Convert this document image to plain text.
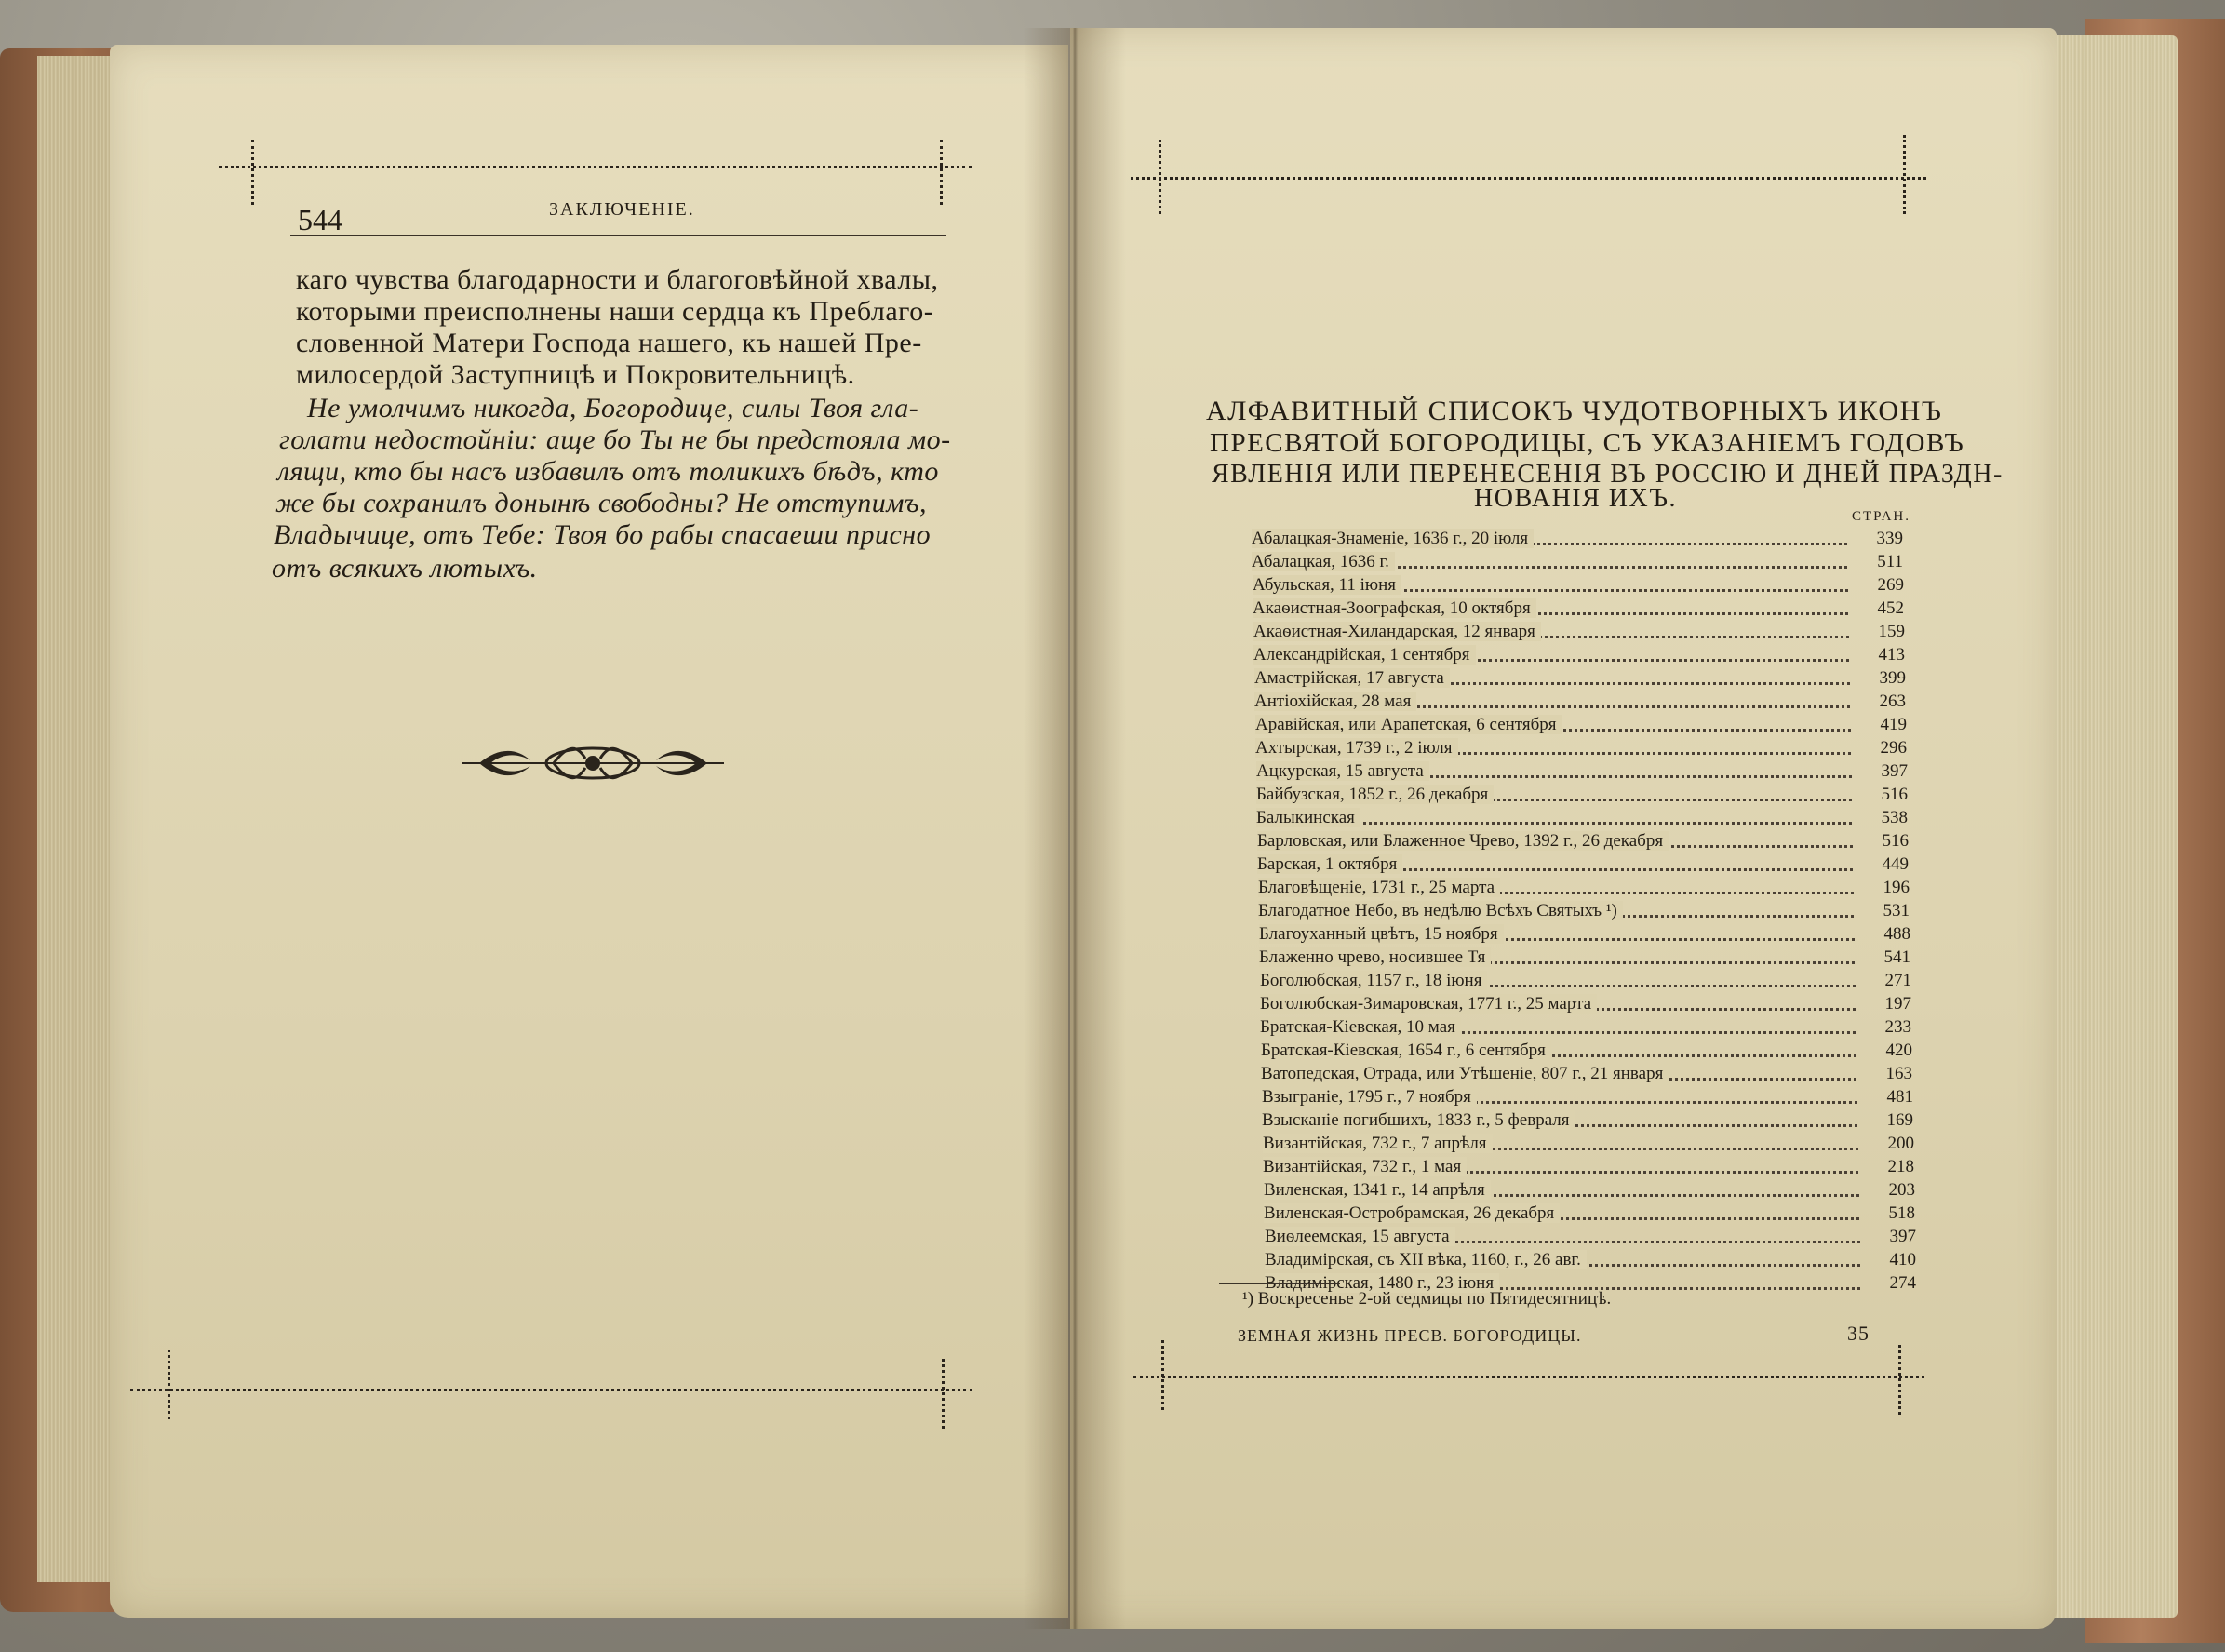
544	ЗАКЛЮЧЕНІЕ.
каго чувства благодарности и благоговѣйной хвалы,
которыми преисполнены наши сердца къ Преблаго-
словенной Матери Господа нашего, къ нашей Пре-
милосердой Заступницѣ и Покровительницѣ.
Не умолчимъ никогда, Богородице, силы Твоя гла-
голати недостойніи: аще бо Ты не бы предстояла мо-
лящи, кто бы насъ избавилъ отъ толикихъ бѣдъ, кто
же бы сохранилъ донынѣ свободны? Не отступимъ,
Владычице, отъ Тебе: Твоя бо рабы спасаеши присно
отъ всякихъ лютыхъ.
АЛФАВИТНЫЙ СПИСОКЪ ЧУДОТВОРНЫХЪ ИКОНЪ
ПРЕСВЯТОЙ БОГОРОДИЦЫ, СЪ УКАЗАНІЕМЪ ГОДОВЪ
ЯВЛЕНІЯ ИЛИ ПЕРЕНЕСЕНІЯ ВЪ РОССІЮ И ДНЕЙ ПРАЗДН-
НОВАНІЯ ИХЪ.
СТРАН.
Абалацкая-Знаменіе, 1636 г., 20 іюля	339
Абалацкая, 1636 г.	511
Абульская, 11 іюня	269
Акаѳистная-Зоографская, 10 октября	452
Акаѳистная-Хиландарская, 12 января	159
Александрійская, 1 сентября	413
Амастрійская, 17 августа	399
Антіохійская, 28 мая	263
Аравійская, или Арапетская, 6 сентября	419
Ахтырская, 1739 г., 2 іюля	296
Ацкурская, 15 августа	397
Байбузская, 1852 г., 26 декабря	516
Балыкинская	538
Барловская, или Блаженное Чрево, 1392 г., 26 декабря	516
Барская, 1 октября	449
Благовѣщеніе, 1731 г., 25 марта	196
Благодатное Небо, въ недѣлю Всѣхъ Святыхъ ¹)	531
Благоуханный цвѣтъ, 15 ноября	488
Блаженно чрево, носившее Тя	541
Боголюбская, 1157 г., 18 іюня	271
Боголюбская-Зимаровская, 1771 г., 25 марта	197
Братская-Кіевская, 10 мая	233
Братская-Кіевская, 1654 г., 6 сентября	420
Ватопедская, Отрада, или Утѣшеніе, 807 г., 21 января	163
Взыграніе, 1795 г., 7 ноября	481
Взысканіе погибшихъ, 1833 г., 5 февраля	169
Византійская, 732 г., 7 апрѣля	200
Византійская, 732 г., 1 мая	218
Виленская, 1341 г., 14 апрѣля	203
Виленская-Остробрамская, 26 декабря	518
Виѳлеемская, 15 августа	397
Владимірская, съ XII вѣка, 1160, г., 26 авг.	410
Владимірская, 1480 г., 23 іюня	274
¹) Воскресенье 2-ой седмицы по Пятидесятницѣ.
ЗЕМНАЯ ЖИЗНЬ ПРЕСВ. БОГОРОДИЦЫ.	35
